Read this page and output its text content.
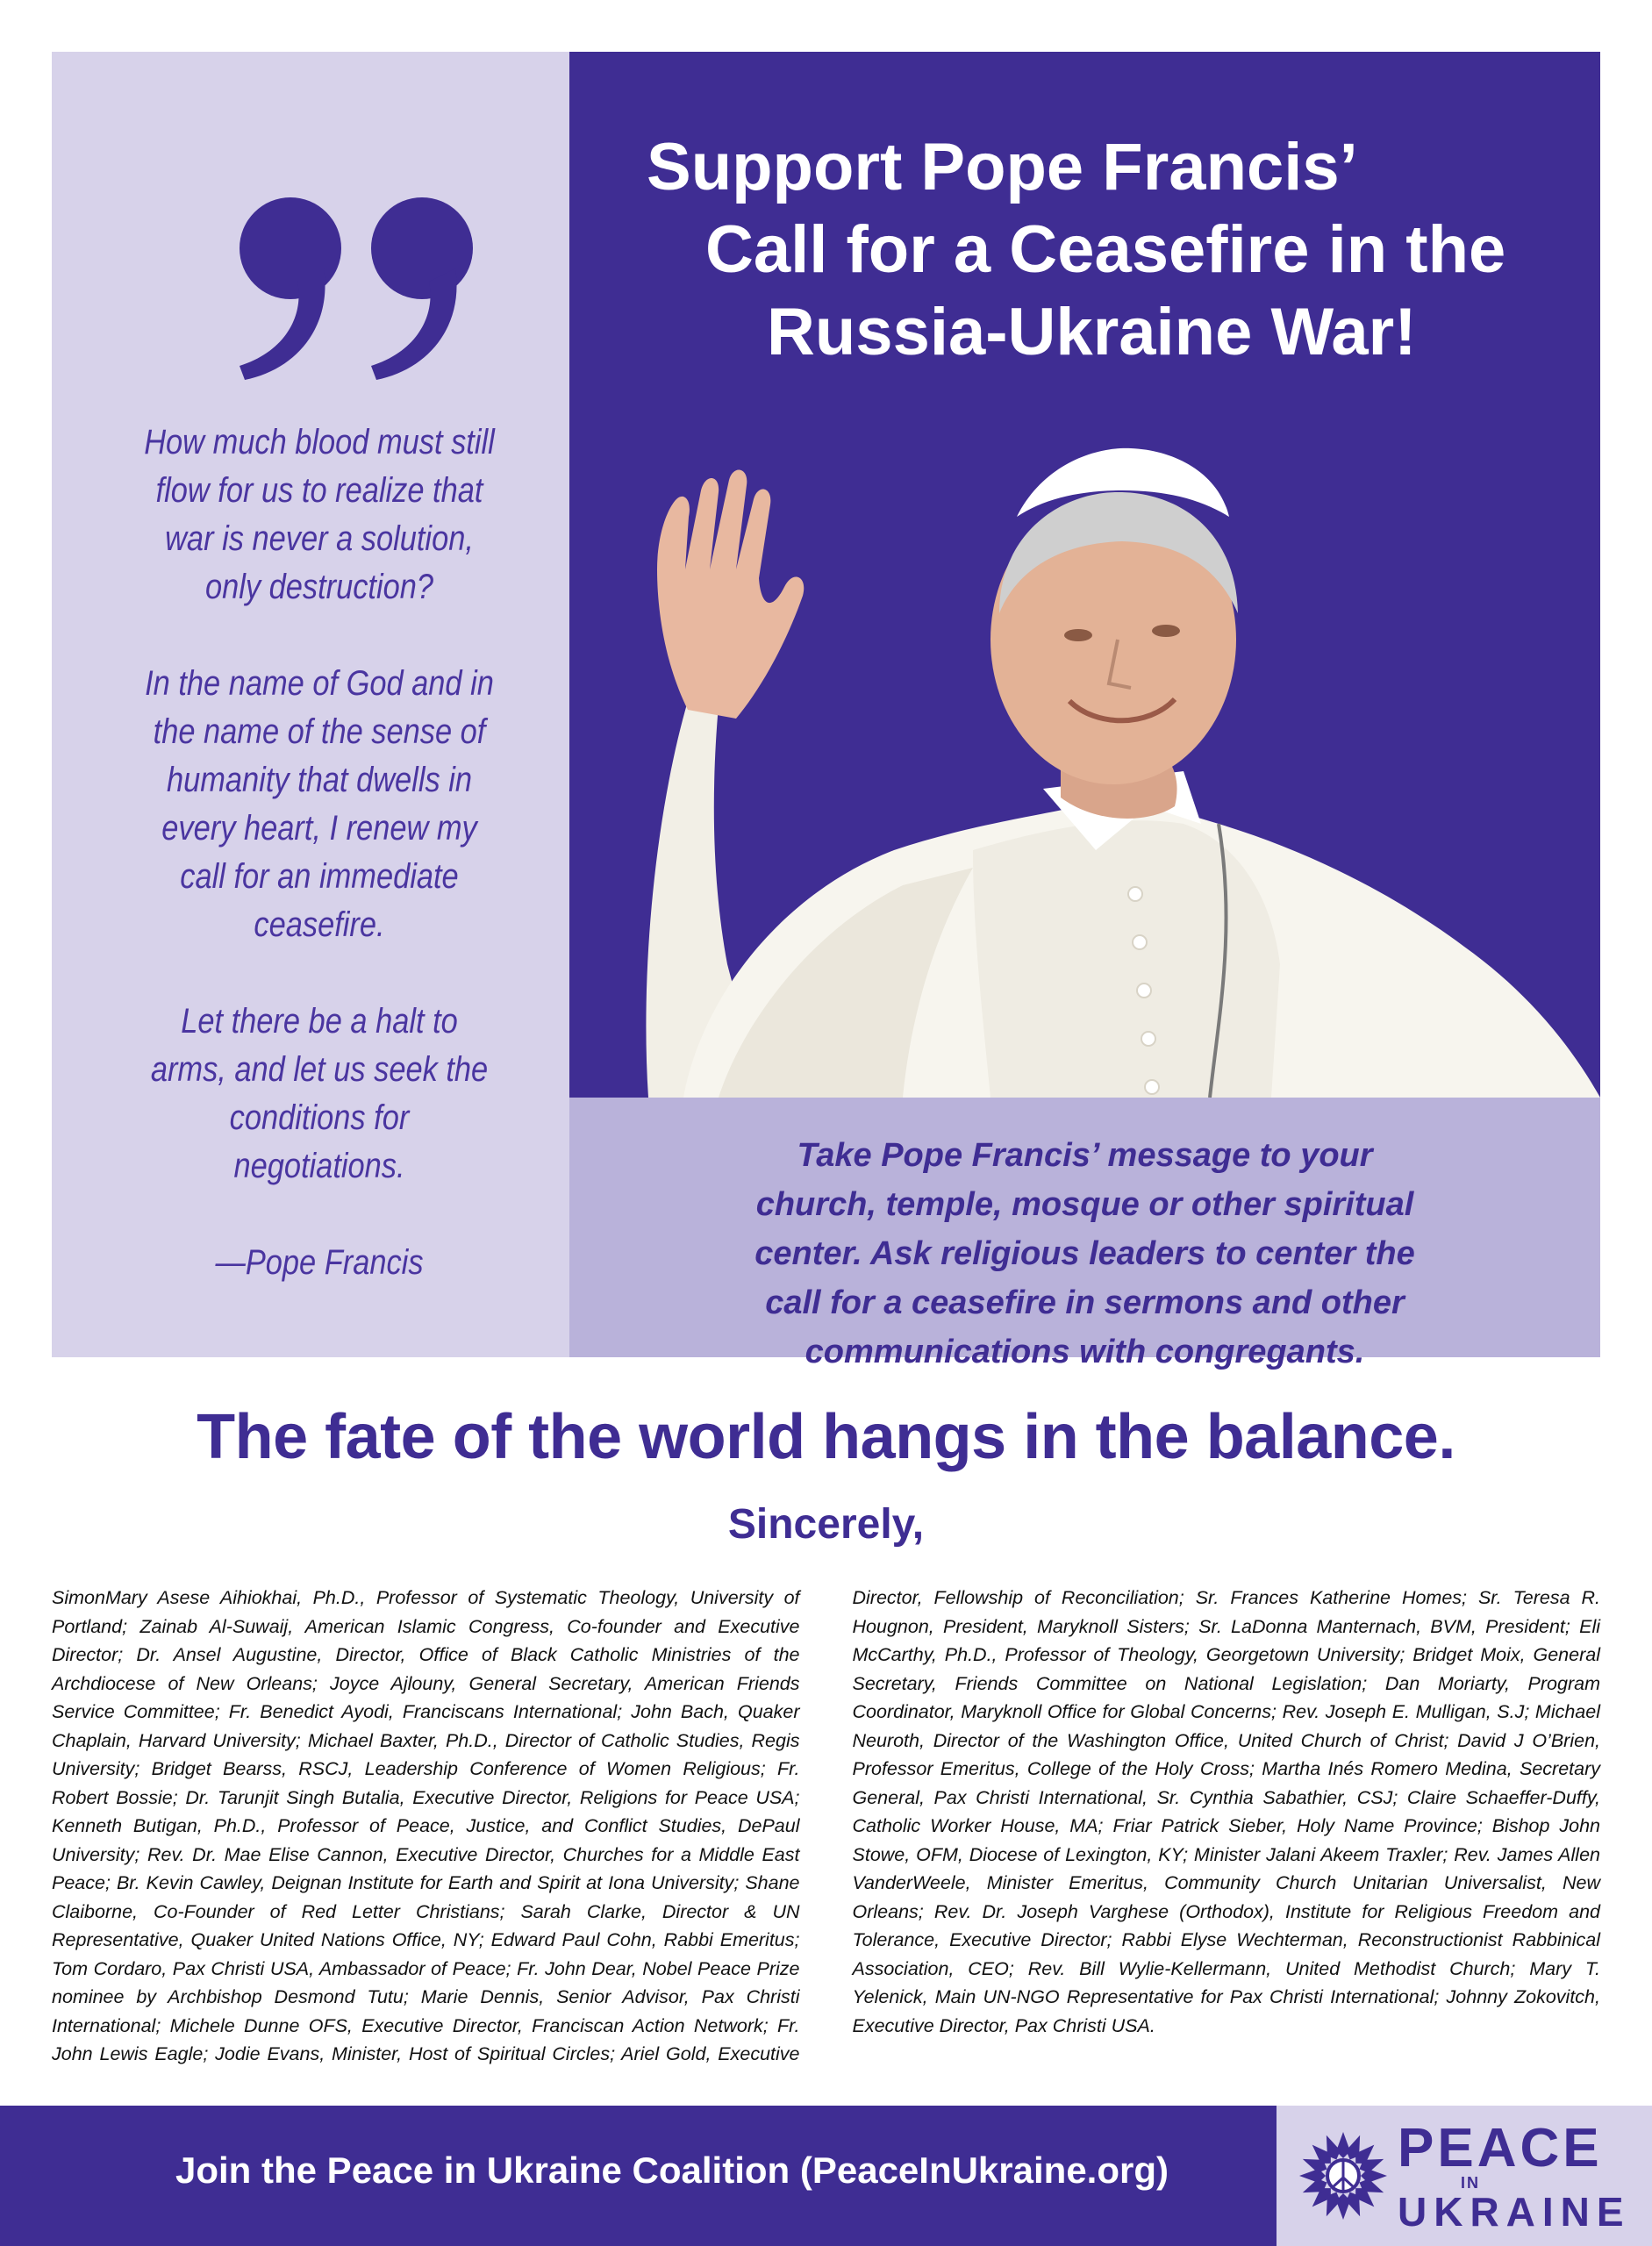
How much blood must still flow for us to realize that war is never a solution, only destruction?

In the name of God and in the name of the sense of humanity that dwells in every heart, I renew my call for an immediate ceasefire.

Let there be a halt to arms, and let us seek the conditions for negotiations.

—Pope Francis

Support Pope Francis’
Call for a Ceasefire in the
Russia-Ukraine War!
Take Pope Francis’ message to your church, temple, mosque or other spiritual center. Ask religious leaders to center the call for a ceasefire in sermons and other communications with congregants.
The fate of the world hangs in the balance.
Sincerely,
SimonMary Asese Aihiokhai, Ph.D., Professor of Systematic Theology, University of Portland; Zainab Al-Suwaij, American Islamic Congress, Co-founder and Executive Director; Dr. Ansel Augustine, Director, Office of Black Catholic Ministries of the Archdiocese of New Orleans; Joyce Ajlouny, General Secretary, American Friends Service Committee; Fr. Benedict Ayodi, Franciscans International; John Bach, Quaker Chaplain, Harvard University; Michael Baxter, Ph.D., Director of Catholic Studies, Regis University; Bridget Bearss, RSCJ, Leadership Conference of Women Religious; Fr. Robert Bossie; Dr. Tarunjit Singh Butalia, Executive Director, Religions for Peace USA; Kenneth Butigan, Ph.D., Professor of Peace, Justice, and Conflict Studies, DePaul University; Rev. Dr. Mae Elise Cannon, Executive Director, Churches for a Middle East Peace; Br. Kevin Cawley, Deignan Institute for Earth and Spirit at Iona University; Shane Claiborne, Co-Founder of Red Letter Christians; Sarah Clarke, Director & UN Representative, Quaker United Nations Office, NY; Edward Paul Cohn, Rabbi Emeritus; Tom Cordaro, Pax Christi USA, Ambassador of Peace; Fr. John Dear, Nobel Peace Prize nominee by Archbishop Desmond Tutu; Marie Dennis, Senior Advisor, Pax Christi International; Michele Dunne OFS, Executive Director, Franciscan Action Network; Fr. John Lewis Eagle; Jodie Evans, Minister, Host of Spiritual Circles; Ariel Gold, Executive Director, Fellowship of Reconciliation; Sr. Frances Katherine Homes; Sr. Teresa R. Hougnon, President, Maryknoll Sisters; Sr. LaDonna Manternach, BVM, President; Eli McCarthy, Ph.D., Professor of Theology, Georgetown University; Bridget Moix, General Secretary, Friends Committee on National Legislation; Dan Moriarty, Program Coordinator, Maryknoll Office for Global Concerns; Rev. Joseph E. Mulligan, S.J; Michael Neuroth, Director of the Washington Office, United Church of Christ; David J O’Brien, Professor Emeritus, College of the Holy Cross; Martha Inés Romero Medina, Secretary General, Pax Christi International, Sr. Cynthia Sabathier, CSJ; Claire Schaeffer-Duffy, Catholic Worker House, MA; Friar Patrick Sieber, Holy Name Province; Bishop John Stowe, OFM, Diocese of Lexington, KY; Minister Jalani Akeem Traxler; Rev. James Allen VanderWeele, Minister Emeritus, Community Church Unitarian Universalist, New Orleans; Rev. Dr. Joseph Varghese (Orthodox), Institute for Religious Freedom and Tolerance, Executive Director; Rabbi Elyse Wechterman, Reconstructionist Rabbinical Association, CEO; Rev. Bill Wylie-Kellermann, United Methodist Church; Mary T. Yelenick, Main UN-NGO Representative for Pax Christi International; Johnny Zokovitch, Executive Director, Pax Christi USA.
Join the Peace in Ukraine Coalition (PeaceInUkraine.org)	PEACE
IN
UKRAINE
